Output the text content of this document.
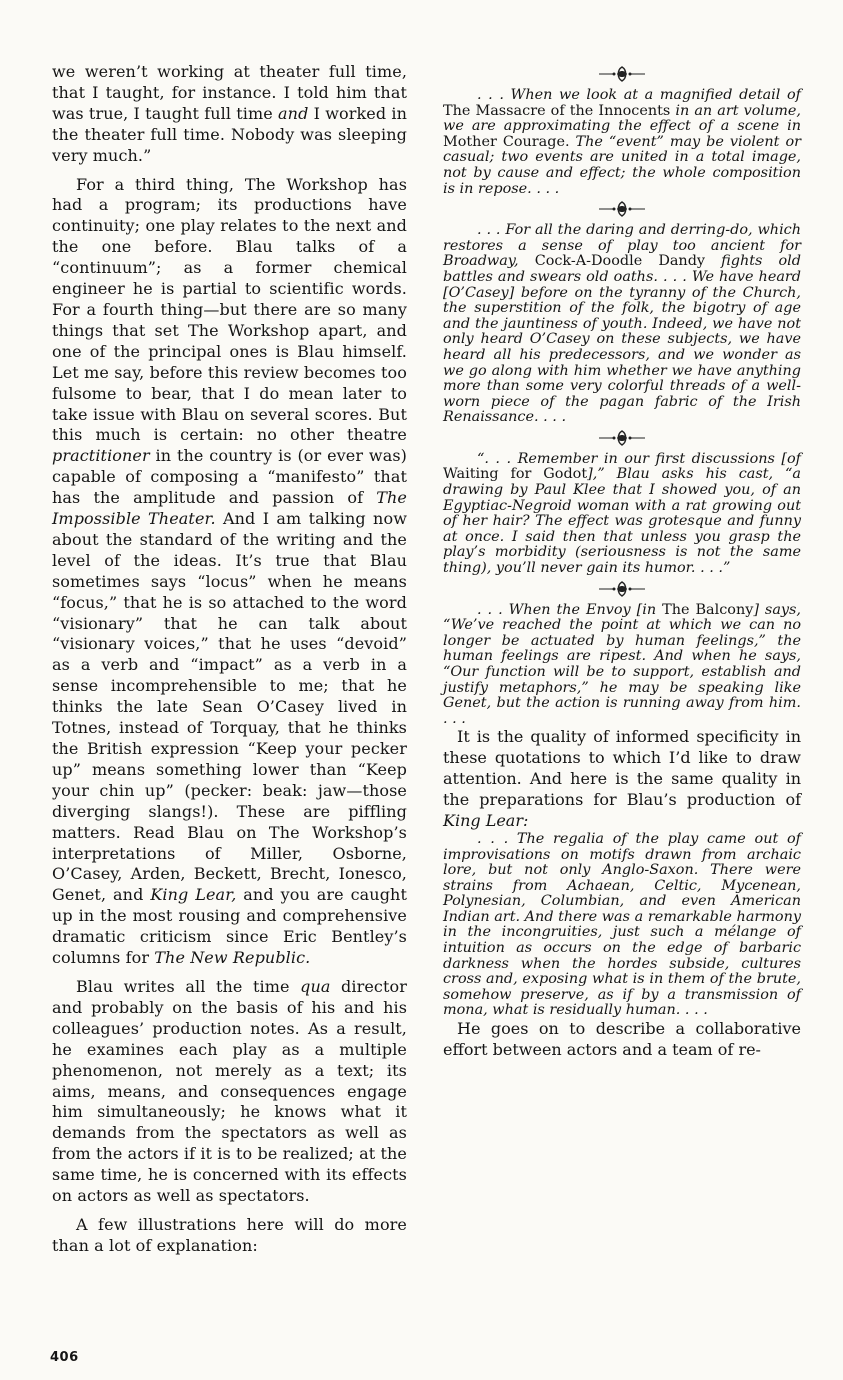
we weren’t working at theater full time, that I taught, for instance. I told him that was true, I taught full time and I worked in the theater full time. Nobody was sleeping very much.”

For a third thing, The Workshop has had a program; its productions have continuity; one play relates to the next and the one before. Blau talks of a “continuum”; as a former chemical engineer he is partial to scientific words. For a fourth thing—but there are so many things that set The Workshop apart, and one of the principal ones is Blau himself. Let me say, before this review becomes too fulsome to bear, that I do mean later to take issue with Blau on several scores. But this much is certain: no other theatre practitioner in the country is (or ever was) capable of composing a “manifesto” that has the amplitude and passion of The Impossible Theater. And I am talking now about the standard of the writing and the level of the ideas. It’s true that Blau sometimes says “locus” when he means “focus,” that he is so attached to the word “visionary” that he can talk about “visionary voices,” that he uses “devoid” as a verb and “impact” as a verb in a sense incomprehensible to me; that he thinks the late Sean O’Casey lived in Totnes, instead of Torquay, that he thinks the British expression “Keep your pecker up” means something lower than “Keep your chin up” (pecker: beak: jaw—those diverging slangs!). These are piffling matters. Read Blau on The Workshop’s interpretations of Miller, Osborne, O’Casey, Arden, Beckett, Brecht, Ionesco, Genet, and King Lear, and you are caught up in the most rousing and comprehensive dramatic criticism since Eric Bentley’s columns for The New Republic.

Blau writes all the time qua director and probably on the basis of his and his colleagues’ production notes. As a result, he examines each play as a multiple phenomenon, not merely as a text; its aims, means, and consequences engage him simultaneously; he knows what it demands from the spectators as well as from the actors if it is to be realized; at the same time, he is concerned with its effects on actors as well as spectators.

A few illustrations here will do more than a lot of explanation:

. . . When we look at a magnified detail of The Massacre of the Innocents in an art volume, we are approximating the effect of a scene in Mother Courage. The “event” may be violent or casual; two events are united in a total image, not by cause and effect; the whole composition is in repose. . . .

. . . For all the daring and derring-do, which restores a sense of play too ancient for Broadway, Cock-A-Doodle Dandy fights old battles and swears old oaths. . . . We have heard [O’Casey] before on the tyranny of the Church, the superstition of the folk, the bigotry of age and the jauntiness of youth. Indeed, we have not only heard O’Casey on these subjects, we have heard all his predecessors, and we wonder as we go along with him whether we have anything more than some very colorful threads of a well-worn piece of the pagan fabric of the Irish Renaissance. . . .

“. . . Remember in our first discussions [of Waiting for Godot],” Blau asks his cast, “a drawing by Paul Klee that I showed you, of an Egyptiac-Negroid woman with a rat growing out of her hair? The effect was grotesque and funny at once. I said then that unless you grasp the play’s morbidity (seriousness is not the same thing), you’ll never gain its humor. . . .”

. . . When the Envoy [in The Balcony] says, “We’ve reached the point at which we can no longer be actuated by human feelings,” the human feelings are ripest. And when he says, “Our function will be to support, establish and justify metaphors,” he may be speaking like Genet, but the action is running away from him. . . .

It is the quality of informed specificity in these quotations to which I’d like to draw attention. And here is the same quality in the preparations for Blau’s production of King Lear:

. . . The regalia of the play came out of improvisations on motifs drawn from archaic lore, but not only Anglo-Saxon. There were strains from Achaean, Celtic, Mycenean, Polynesian, Columbian, and even American Indian art. And there was a remarkable harmony in the incongruities, just such a mélange of intuition as occurs on the edge of barbaric darkness when the hordes subside, cultures cross and, exposing what is in them of the brute, somehow preserve, as if by a transmission of mona, what is residually human. . . .

He goes on to describe a collaborative effort between actors and a team of re-

406
